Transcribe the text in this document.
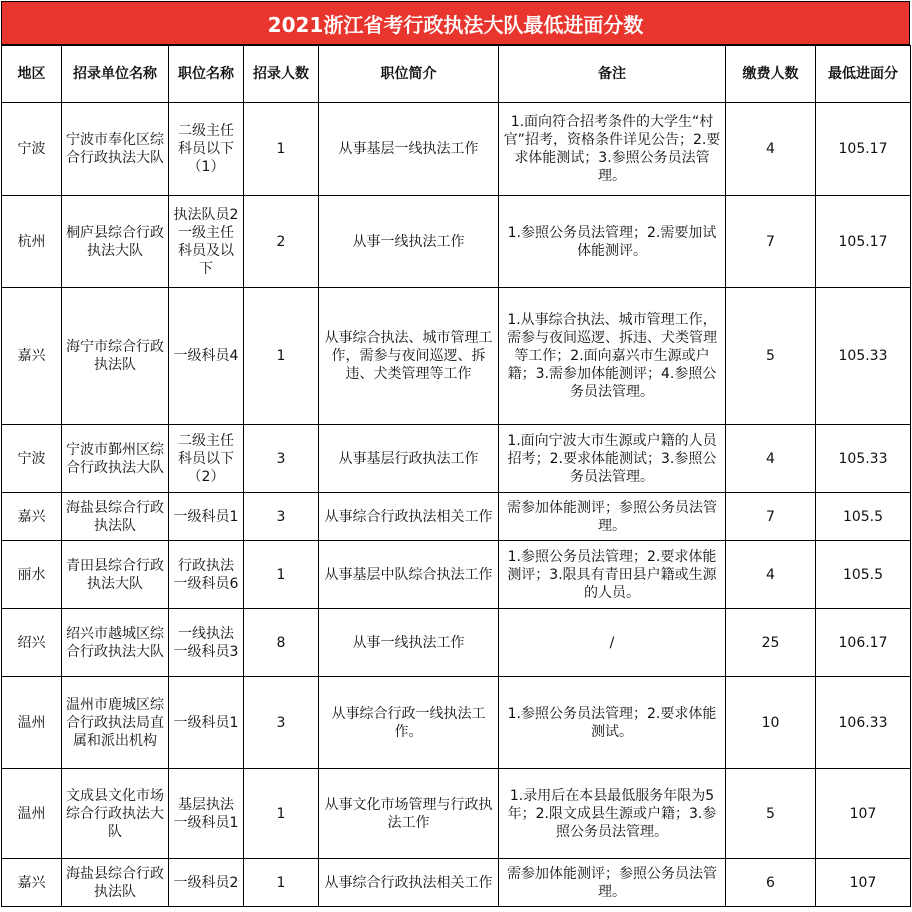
2021浙江省考行政执法大队最低进面分数
地区	招录单位名称	职位名称	招录人数	职位简介	备注	缴费人数	最低进面分
宁波	宁波市奉化区综合行政执法大队	二级主任科员以下（1）	1	从事基层一线执法工作	1.面向符合招考条件的大学生“村官”招考，资格条件详见公告；2.要求体能测试；3.参照公务员法管理。	4	105.17
杭州	桐庐县综合行政执法大队	执法队员2一级主任科员及以下	2	从事一线执法工作	1.参照公务员法管理；2.需要加试体能测评。	7	105.17
嘉兴	海宁市综合行政执法队	一级科员4	1	从事综合执法、城市管理工作，需参与夜间巡逻、拆违、犬类管理等工作	1.从事综合执法、城市管理工作，需参与夜间巡逻、拆违、犬类管理等工作；2.面向嘉兴市生源或户籍；3.需参加体能测评；4.参照公务员法管理。	5	105.33
宁波	宁波市鄞州区综合行政执法大队	二级主任科员以下（2）	3	从事基层行政执法工作	1.面向宁波大市生源或户籍的人员招考；2.要求体能测试；3.参照公务员法管理。	4	105.33
嘉兴	海盐县综合行政执法队	一级科员1	3	从事综合行政执法相关工作	需参加体能测评；参照公务员法管理。	7	105.5
丽水	青田县综合行政执法大队	行政执法一级科员6	1	从事基层中队综合执法工作	1.参照公务员法管理；2.要求体能测评；3.限具有青田县户籍或生源的人员。	4	105.5
绍兴	绍兴市越城区综合行政执法大队	一线执法一级科员3	8	从事一线执法工作	/	25	106.17
温州	温州市鹿城区综合行政执法局直属和派出机构	一级科员1	3	从事综合行政一线执法工作。	1.参照公务员法管理；2.要求体能测试。	10	106.33
温州	文成县文化市场综合行政执法大队	基层执法一级科员1	1	从事文化市场管理与行政执法工作	1.录用后在本县最低服务年限为5年；2.限文成县生源或户籍；3.参照公务员法管理。	5	107
嘉兴	海盐县综合行政执法队	一级科员2	1	从事综合行政执法相关工作	需参加体能测评；参照公务员法管理。	6	107
